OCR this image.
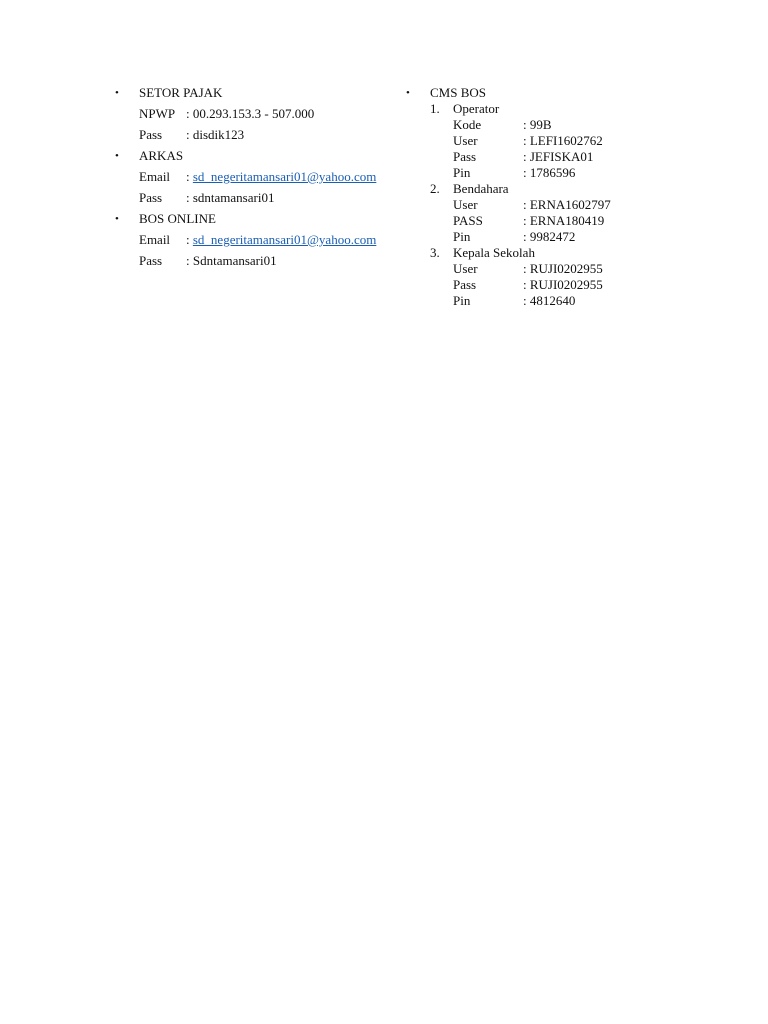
• SETOR PAJAK
NPWP : 00.293.153.3 - 507.000
Pass : disdik123
• ARKAS
Email : sd_negeritamansari01@yahoo.com
Pass : sdntamansari01
• BOS ONLINE
Email : sd_negeritamansari01@yahoo.com
Pass : Sdntamansari01
• CMS BOS
1. Operator
Kode	: 99B
User	: LEFI1602762
Pass	: JEFISKA01
Pin	: 1786596
2. Bendahara
User	: ERNA1602797
PASS	: ERNA180419
Pin	: 9982472
3. Kepala Sekolah
User	: RUJI0202955
Pass	: RUJI0202955
Pin	: 4812640
